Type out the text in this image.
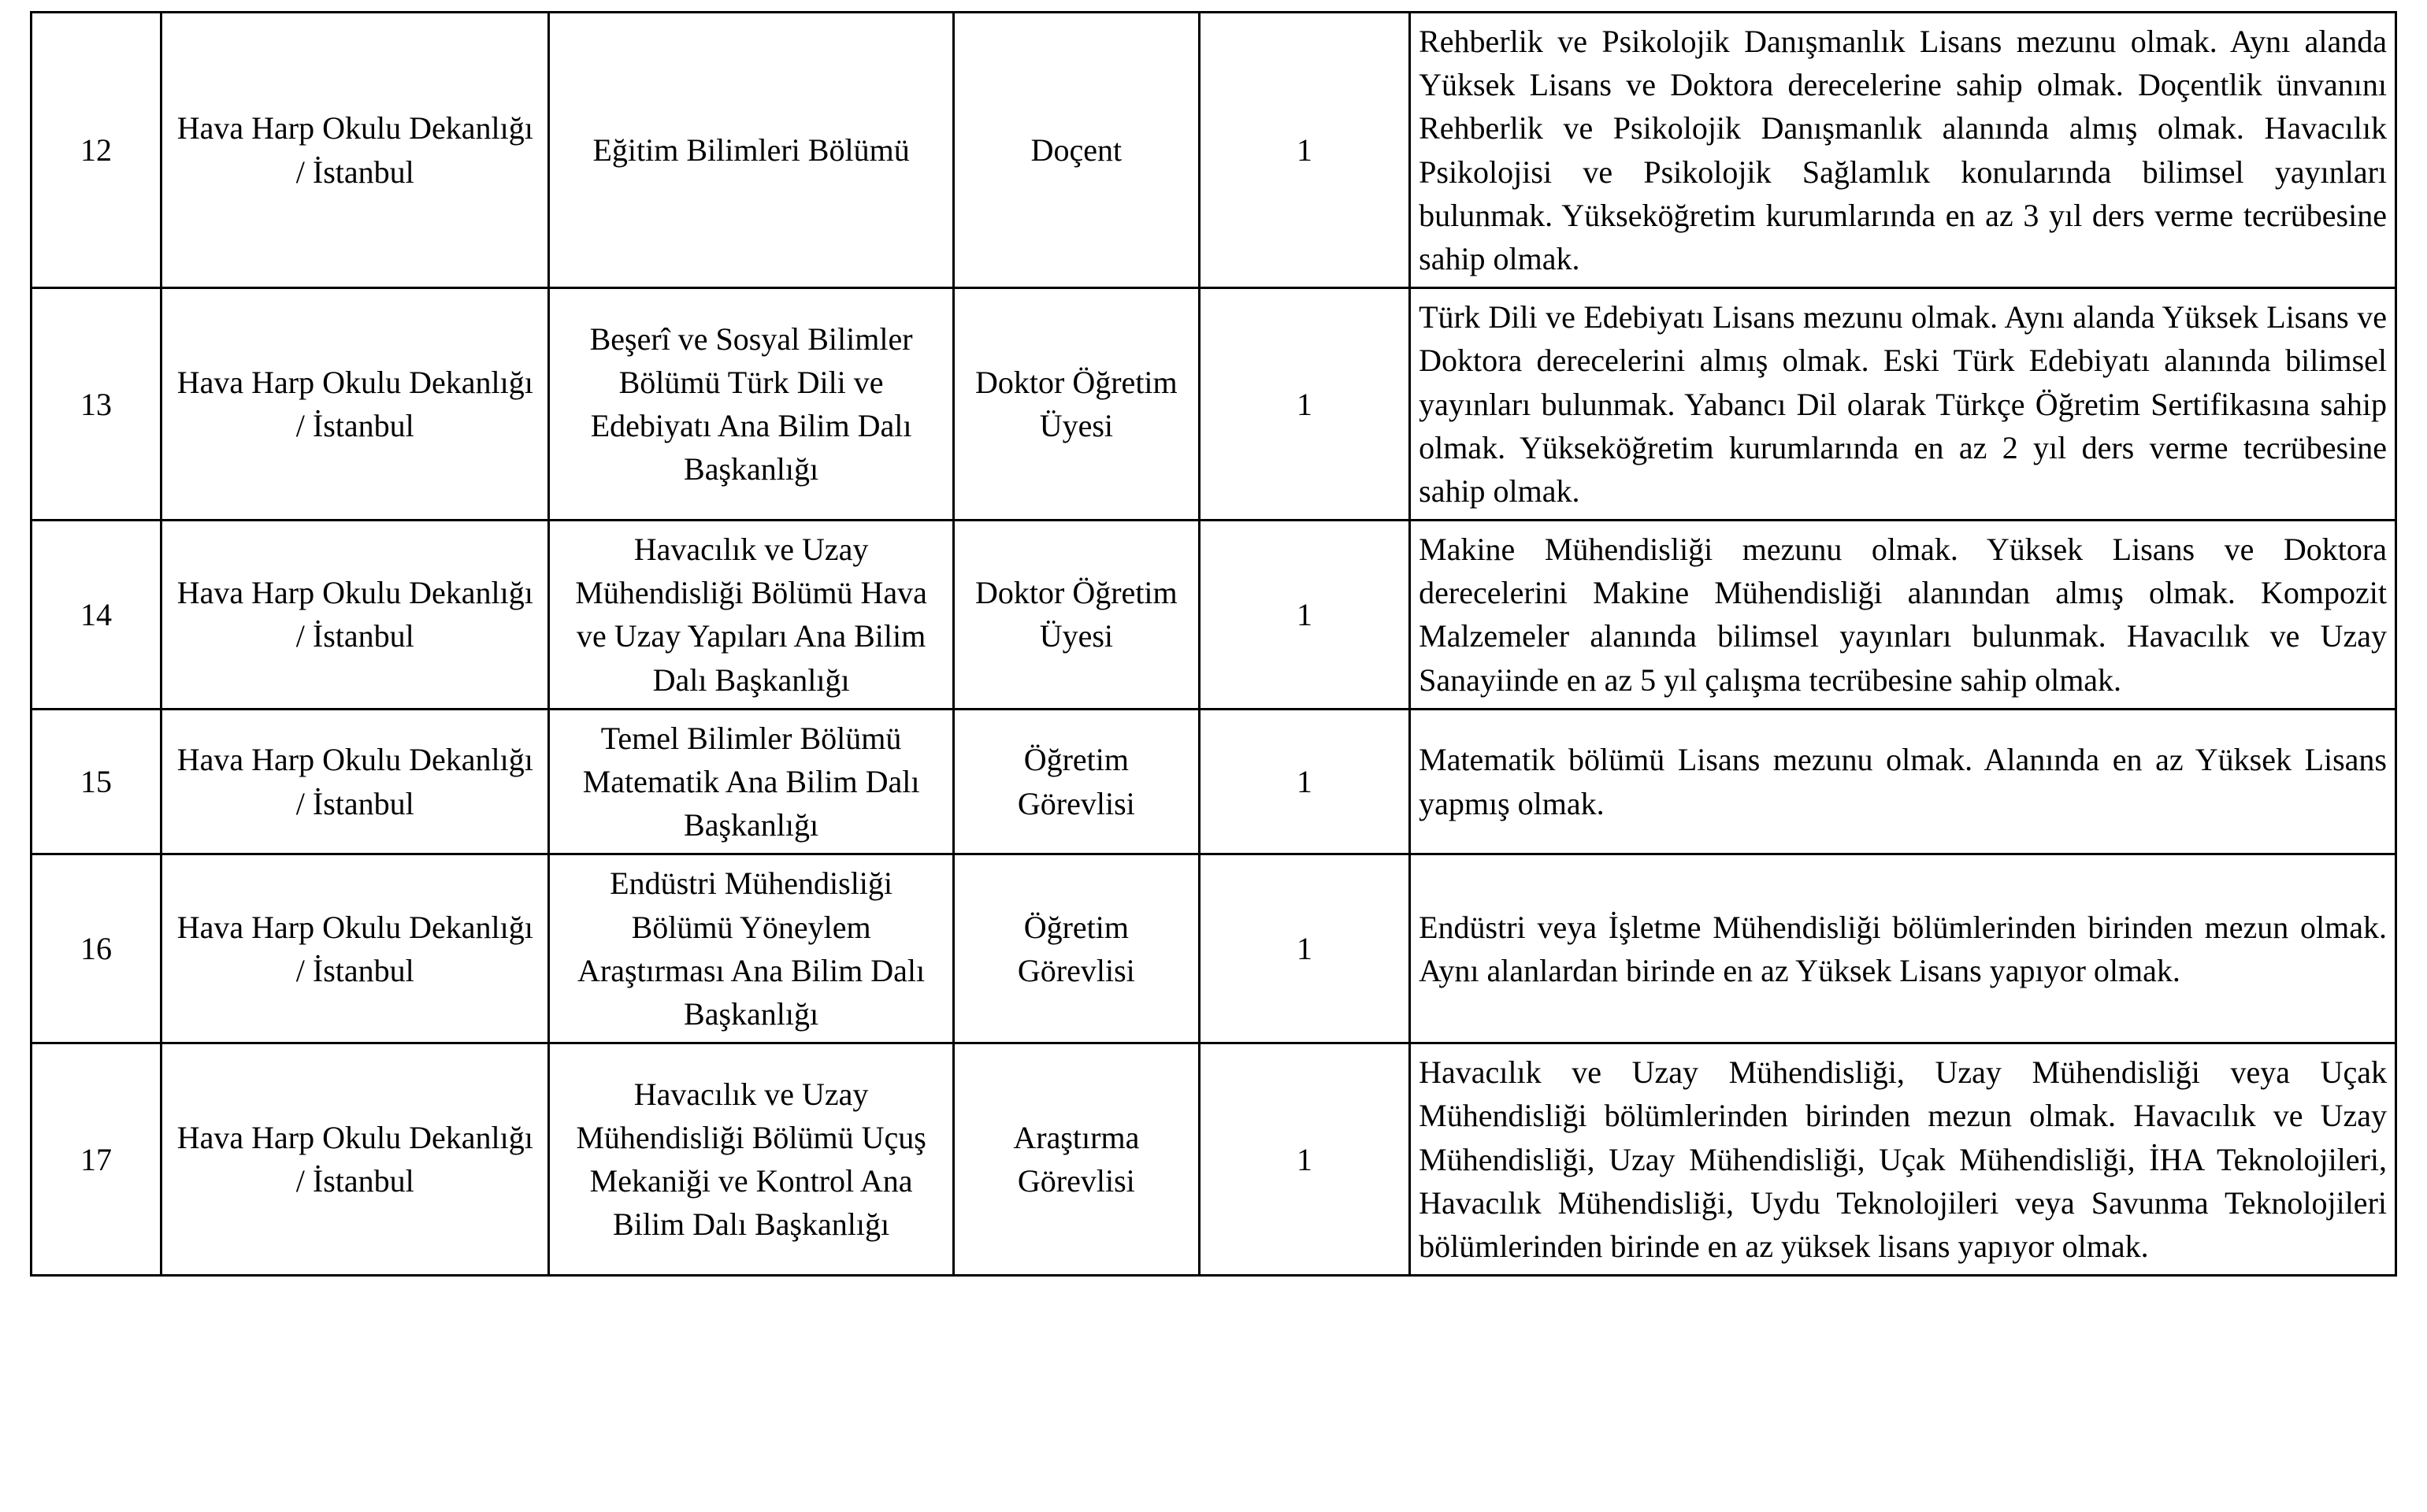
12	Hava Harp Okulu Dekanlığı / İstanbul	Eğitim Bilimleri Bölümü	Doçent	1	Rehberlik ve Psikolojik Danışmanlık Lisans mezunu olmak. Aynı alanda Yüksek Lisans ve Doktora derecelerine sahip olmak. Doçentlik ünvanını Rehberlik ve Psikolojik Danışmanlık alanında almış olmak. Havacılık Psikolojisi ve Psikolojik Sağlamlık konularında bilimsel yayınları bulunmak. Yükseköğretim kurumlarında en az 3 yıl ders verme tecrübesine sahip olmak.
13	Hava Harp Okulu Dekanlığı / İstanbul	Beşerî ve Sosyal Bilimler Bölümü Türk Dili ve Edebiyatı Ana Bilim Dalı Başkanlığı	Doktor Öğretim Üyesi	1	Türk Dili ve Edebiyatı Lisans mezunu olmak. Aynı alanda Yüksek Lisans ve Doktora derecelerini almış olmak. Eski Türk Edebiyatı alanında bilimsel yayınları bulunmak. Yabancı Dil olarak Türkçe Öğretim Sertifikasına sahip olmak. Yükseköğretim kurumlarında en az 2 yıl ders verme tecrübesine sahip olmak.
14	Hava Harp Okulu Dekanlığı / İstanbul	Havacılık ve Uzay Mühendisliği Bölümü Hava ve Uzay Yapıları Ana Bilim Dalı Başkanlığı	Doktor Öğretim Üyesi	1	Makine Mühendisliği mezunu olmak. Yüksek Lisans ve Doktora derecelerini Makine Mühendisliği alanından almış olmak. Kompozit Malzemeler alanında bilimsel yayınları bulunmak. Havacılık ve Uzay Sanayiinde en az 5 yıl çalışma tecrübesine sahip olmak.
15	Hava Harp Okulu Dekanlığı / İstanbul	Temel Bilimler Bölümü Matematik Ana Bilim Dalı Başkanlığı	Öğretim Görevlisi	1	Matematik bölümü Lisans mezunu olmak. Alanında en az Yüksek Lisans yapmış olmak.
16	Hava Harp Okulu Dekanlığı / İstanbul	Endüstri Mühendisliği Bölümü Yöneylem Araştırması Ana Bilim Dalı Başkanlığı	Öğretim Görevlisi	1	Endüstri veya İşletme Mühendisliği bölümlerinden birinden mezun olmak. Aynı alanlardan birinde en az Yüksek Lisans yapıyor olmak.
17	Hava Harp Okulu Dekanlığı / İstanbul	Havacılık ve Uzay Mühendisliği Bölümü Uçuş Mekaniği ve Kontrol Ana Bilim Dalı Başkanlığı	Araştırma Görevlisi	1	Havacılık ve Uzay Mühendisliği, Uzay Mühendisliği veya Uçak Mühendisliği bölümlerinden birinden mezun olmak. Havacılık ve Uzay Mühendisliği, Uzay Mühendisliği, Uçak Mühendisliği, İHA Teknolojileri, Havacılık Mühendisliği, Uydu Teknolojileri veya Savunma Teknolojileri bölümlerinden birinde en az yüksek lisans yapıyor olmak.
